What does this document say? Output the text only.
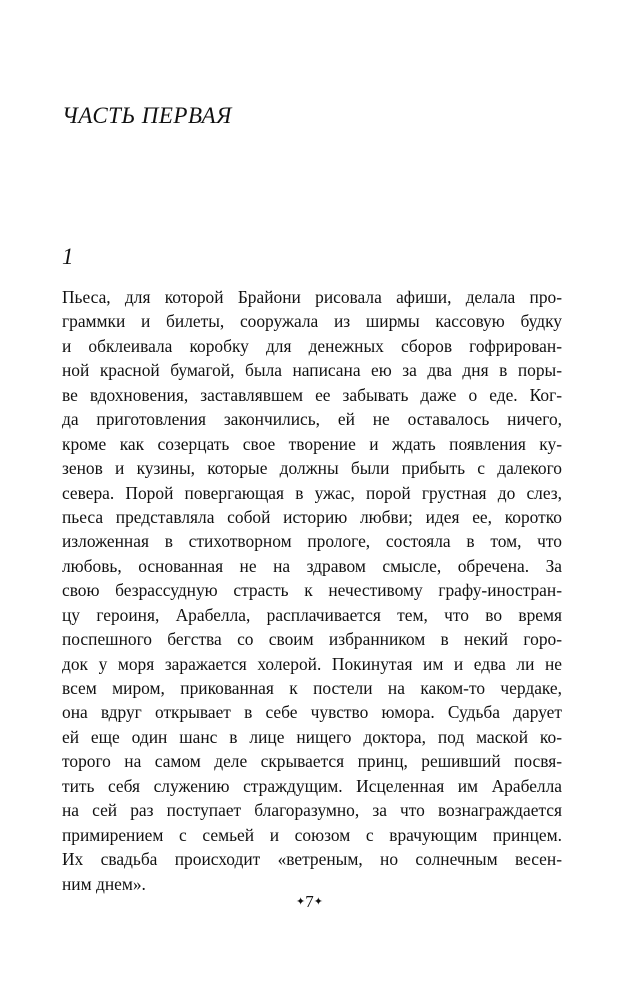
ЧАСТЬ ПЕРВАЯ
1
Пьеса, для которой Брайони рисовала афиши, делала про-
граммки и билеты, сооружала из ширмы кассовую будку
и обклеивала коробку для денежных сборов гофрирован-
ной красной бумагой, была написана ею за два дня в поры-
ве вдохновения, заставлявшем ее забывать даже о еде. Ког-
да приготовления закончились, ей не оставалось ничего,
кроме как созерцать свое творение и ждать появления ку-
зенов и кузины, которые должны были прибыть с далекого
севера. Порой повергающая в ужас, порой грустная до слез,
пьеса представляла собой историю любви; идея ее, коротко
изложенная в стихотворном прологе, состояла в том, что
любовь, основанная не на здравом смысле, обречена. За
свою безрассудную страсть к нечестивому графу-иностран-
цу героиня, Арабелла, расплачивается тем, что во время
поспешного бегства со своим избранником в некий горо-
док у моря заражается холерой. Покинутая им и едва ли не
всем миром, прикованная к постели на каком-то чердаке,
она вдруг открывает в себе чувство юмора. Судьба дарует
ей еще один шанс в лице нищего доктора, под маской ко-
торого на самом деле скрывается принц, решивший посвя-
тить себя служению страждущим. Исцеленная им Арабелла
на сей раз поступает благоразумно, за что вознаграждается
примирением с семьей и союзом с врачующим принцем.
Их свадьба происходит «ветреным, но солнечным весен-
ним днем».
✦7✦
